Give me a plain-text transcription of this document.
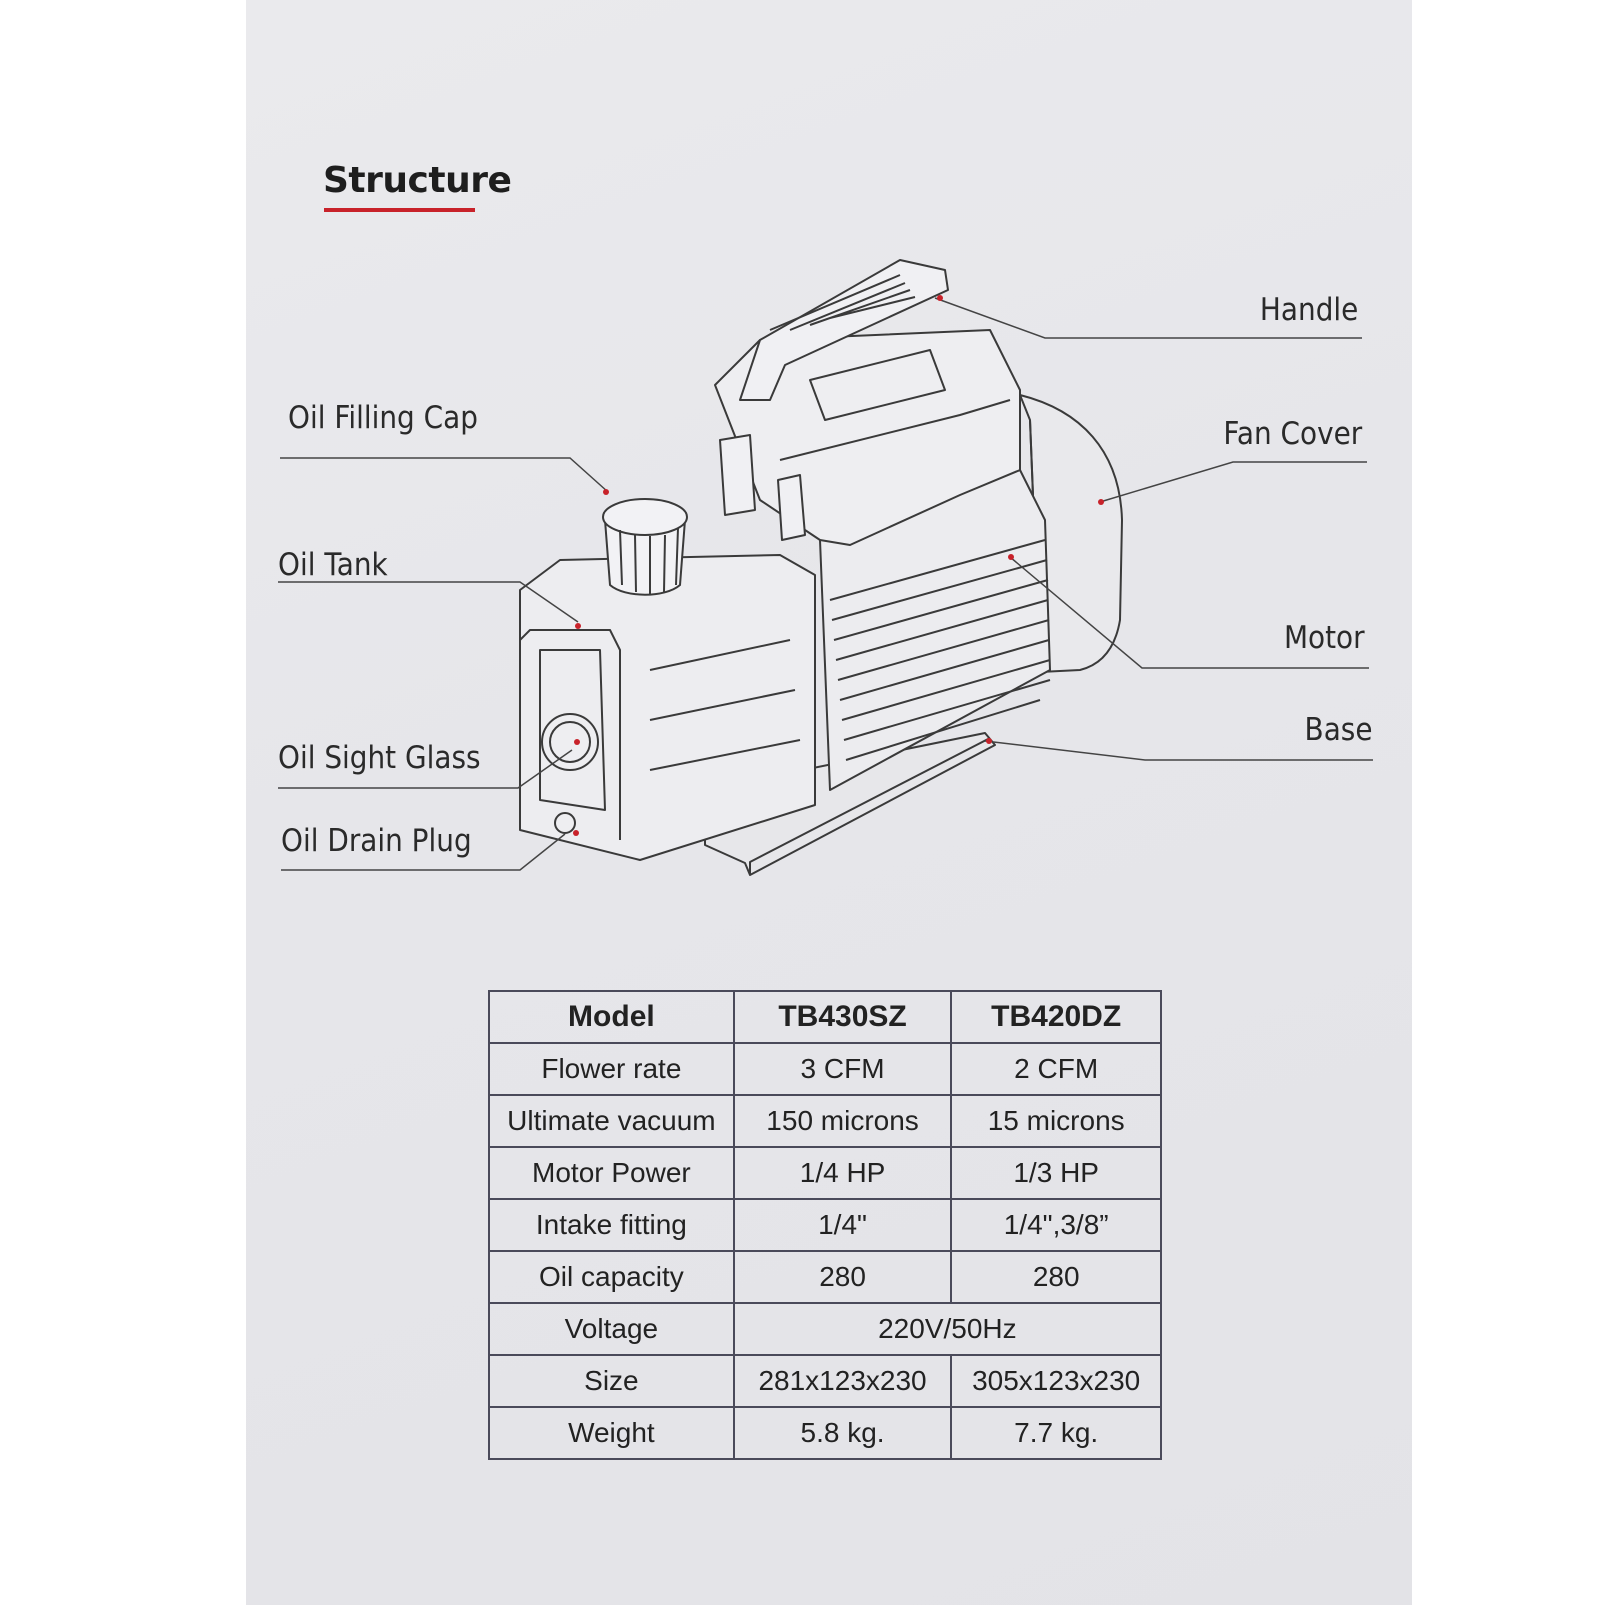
Structure
Handle
Fan Cover
Motor
Base
Oil Filling Cap
Oil Tank
Oil Sight Glass
Oil Drain Plug
Model	TB430SZ	TB420DZ
Flower rate	3 CFM	2 CFM
Ultimate vacuum	150 microns	15 microns
Motor Power	1/4 HP	1/3 HP
Intake fitting	1/4"	1/4",3/8”
Oil capacity	280	280
Voltage	220V/50Hz	
Size	281x123x230	305x123x230
Weight	5.8 kg.	7.7 kg.
